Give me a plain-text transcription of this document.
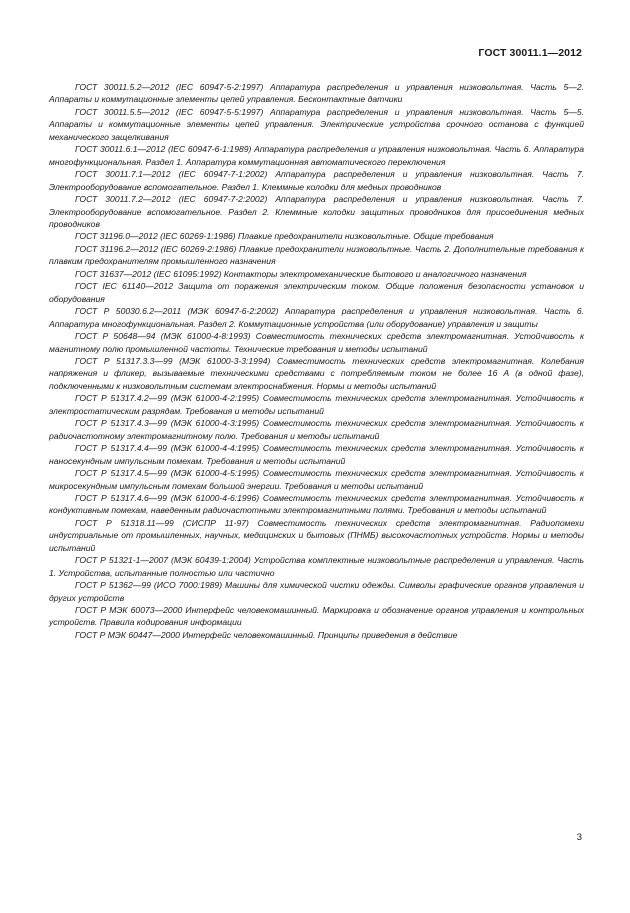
ГОСТ 30011.1—2012

ГОСТ 30011.5.2—2012 (IEC 60947-5-2:1997) Аппаратура распределения и управления низковольтная. Часть 5—2. Аппараты и коммутационные элементы цепей управления. Бесконтактные датчики

ГОСТ 30011.5.5—2012 (IEC 60947-5-5:1997) Аппаратура распределения и управления низковольтная. Часть 5—5. Аппараты и коммутационные элементы цепей управления. Электрические устройства срочного останова с функцией механического защелкивания

ГОСТ 30011.6.1—2012 (IEC 60947-6-1:1989) Аппаратура распределения и управления низковольтная. Часть 6. Аппаратура многофункциональная. Раздел 1. Аппаратура коммутационная автоматического переключения

ГОСТ 30011.7.1—2012 (IEC 60947-7-1:2002) Аппаратура распределения и управления низковольтная. Часть 7. Электрооборудование вспомогательное. Раздел 1. Клеммные колодки для медных проводников

ГОСТ 30011.7.2—2012 (IEC 60947-7-2:2002) Аппаратура распределения и управления низковольтная. Часть 7. Электрооборудование вспомогательное. Раздел 2. Клеммные колодки защитных проводников для присоединения медных проводников

ГОСТ 31196.0—2012 (IEC 60269-1:1986) Плавкие предохранители низковольтные. Общие требования

ГОСТ 31196.2—2012 (IEC 60269-2:1986) Плавкие предохранители низковольтные. Часть 2. Дополнительные требования к плавким предохранителям промышленного назначения

ГОСТ 31637—2012 (IEC 61095:1992) Контакторы электромеханические бытового и аналогичного назначения

ГОСТ IEC 61140—2012 Защита от поражения электрическим током. Общие положения безопасности установок и оборудования

ГОСТ Р 50030.6.2—2011 (МЭК 60947-6-2:2002) Аппаратура распределения и управления низковольтная. Часть 6. Аппаратура многофункциональная. Раздел 2. Коммутационные устройства (или оборудование) управления и защиты

ГОСТ Р 50648—94 (МЭК 61000-4-8:1993) Совместимость технических средств электромагнитная. Устойчивость к магнитному полю промышленной частоты. Технические требования и методы испытаний

ГОСТ Р 51317.3.3—99 (МЭК 61000-3-3:1994) Совместимость технических средств электромагнитная. Колебания напряжения и фликер, вызываемые техническими средствами с потребляемым током не более 16 А (в одной фазе), подключенными к низковольтным системам электроснабжения. Нормы и методы испытаний

ГОСТ Р 51317.4.2—99 (МЭК 61000-4-2:1995) Совместимость технических средств электромагнитная. Устойчивость к электростатическим разрядам. Требования и методы испытаний

ГОСТ Р 51317.4.3—99 (МЭК 61000-4-3:1995) Совместимость технических средств электромагнитная. Устойчивость к радиочастотному электромагнитному полю. Требования и методы испытаний

ГОСТ Р 51317.4.4—99 (МЭК 61000-4-4:1995) Совместимость технических средств электромагнитная. Устойчивость к наносекундным импульсным помехам. Требования и методы испытаний

ГОСТ Р 51317.4.5—99 (МЭК 61000-4-5:1995) Совместимость технических средств электромагнитная. Устойчивость к микросекундным импульсным помехам большой энергии. Требования и методы испытаний

ГОСТ Р 51317.4.6—99 (МЭК 61000-4-6:1996) Совместимость технических средств электромагнитная. Устойчивость к кондуктивным помехам, наведенным радиочастотными электромагнитными полями. Требования и методы испытаний

ГОСТ Р 51318.11—99 (СИСПР 11-97) Совместимость технических средств электромагнитная. Радиопомехи индустриальные от промышленных, научных, медицинских и бытовых (ПНМБ) высокочастотных устройств. Нормы и методы испытаний

ГОСТ Р 51321-1—2007 (МЭК 60439-1:2004) Устройства комплектные низковольтные распределения и управления. Часть 1. Устройства, испытанные полностью или частично

ГОСТ Р 51362—99 (ИСО 7000:1989) Машины для химической чистки одежды. Символы графические органов управления и других устройств

ГОСТ Р МЭК 60073—2000 Интерфейс человекомашинный. Маркировка и обозначение органов управления и контрольных устройств. Правила кодирования информации

ГОСТ Р МЭК 60447—2000 Интерфейс человекомашинный. Принципы приведения в действие

3
